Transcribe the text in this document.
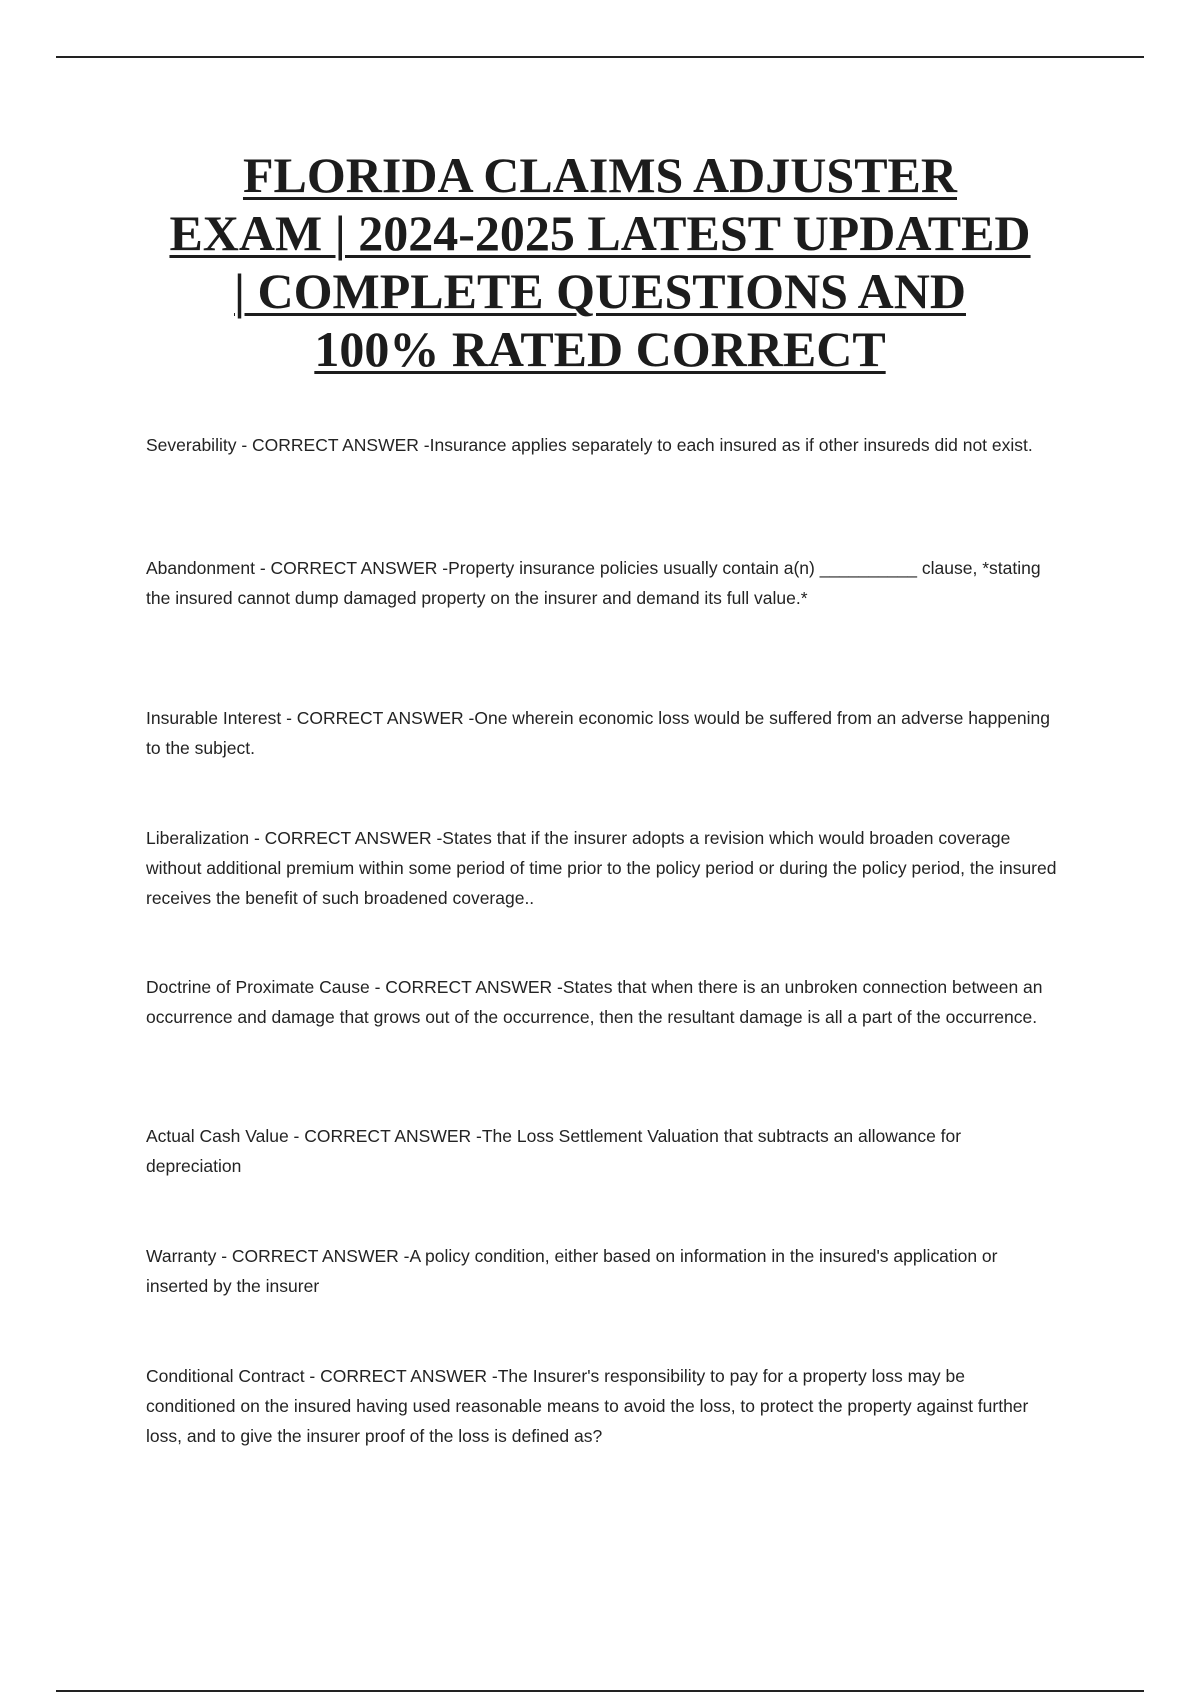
FLORIDA CLAIMS ADJUSTER
EXAM | 2024-2025 LATEST UPDATED
| COMPLETE QUESTIONS AND
100% RATED CORRECT

Severability - CORRECT ANSWER -Insurance applies separately to each insured as if other insureds did not exist.

Abandonment - CORRECT ANSWER -Property insurance policies usually contain a(n) __________ clause, *stating the insured cannot dump damaged property on the insurer and demand its full value.*

Insurable Interest - CORRECT ANSWER -One wherein economic loss would be suffered from an adverse happening to the subject.

Liberalization - CORRECT ANSWER -States that if the insurer adopts a revision which would broaden coverage without additional premium within some period of time prior to the policy period or during the policy period, the insured receives the benefit of such broadened coverage..

Doctrine of Proximate Cause - CORRECT ANSWER -States that when there is an unbroken connection between an occurrence and damage that grows out of the occurrence, then the resultant damage is all a part of the occurrence.

Actual Cash Value - CORRECT ANSWER -The Loss Settlement Valuation that subtracts an allowance for depreciation

Warranty - CORRECT ANSWER -A policy condition, either based on information in the insured's application or inserted by the insurer

Conditional Contract - CORRECT ANSWER -The Insurer's responsibility to pay for a property loss may be conditioned on the insured having used reasonable means to avoid the loss, to protect the property against further loss, and to give the insurer proof of the loss is defined as?
